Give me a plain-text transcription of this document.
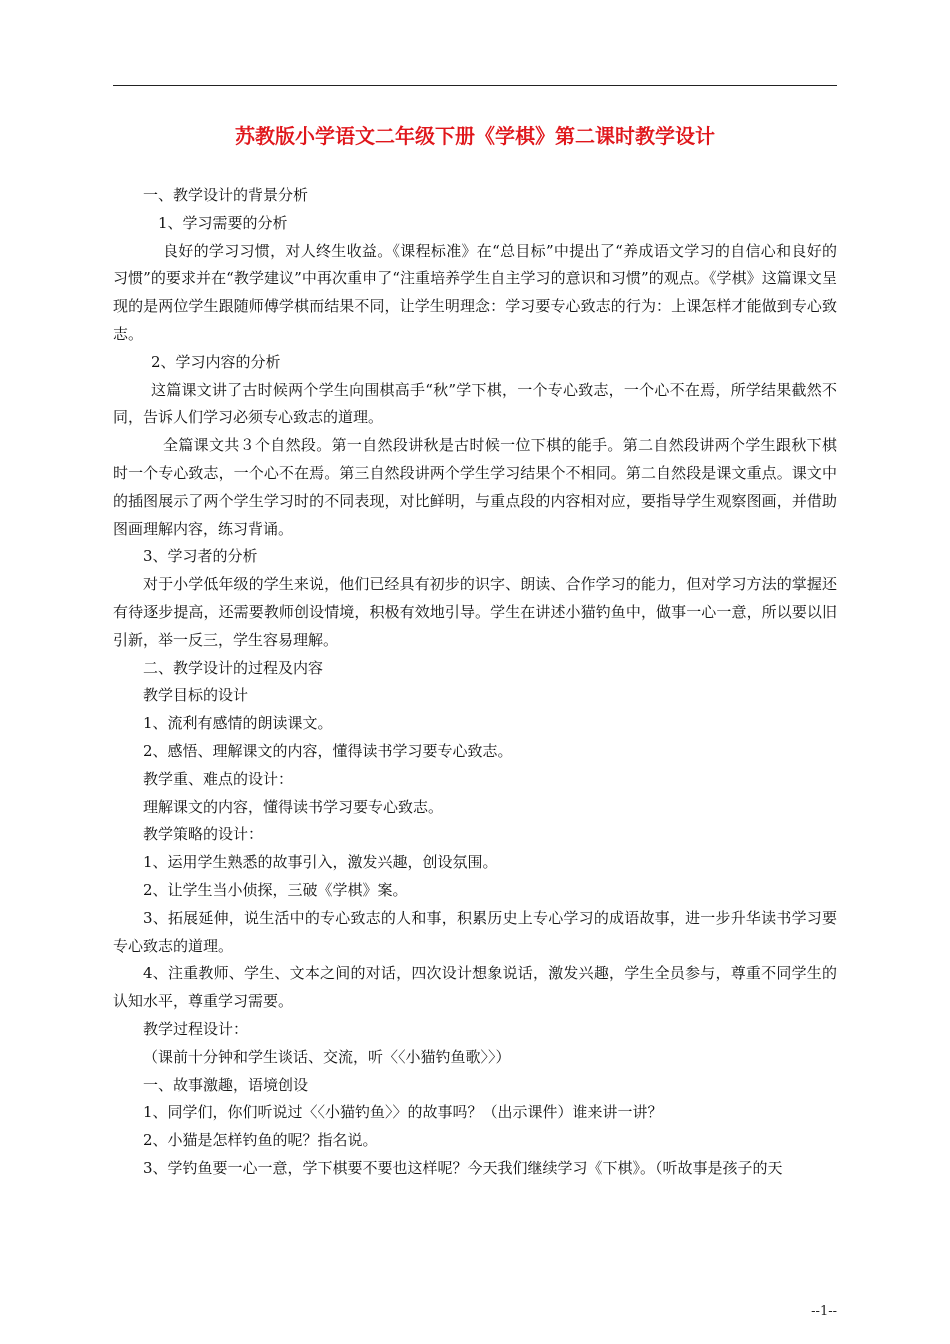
苏教版小学语文二年级下册《学棋》第二课时教学设计

一、教学设计的背景分析

1、学习需要的分析

良好的学习习惯，对人终生收益。《课程标准》在“总目标”中提出了“养成语文学习的自信心和良好的习惯”的要求并在“教学建议”中再次重申了“注重培养学生自主学习的意识和习惯”的观点。《学棋》这篇课文呈现的是两位学生跟随师傅学棋而结果不同，让学生明理念：学习要专心致志的行为：上课怎样才能做到专心致志。

2、学习内容的分析

这篇课文讲了古时候两个学生向围棋高手“秋”学下棋，一个专心致志，一个心不在焉，所学结果截然不同，告诉人们学习必须专心致志的道理。

全篇课文共３个自然段。第一自然段讲秋是古时候一位下棋的能手。第二自然段讲两个学生跟秋下棋时一个专心致志，一个心不在焉。第三自然段讲两个学生学习结果个不相同。第二自然段是课文重点。课文中的插图展示了两个学生学习时的不同表现，对比鲜明，与重点段的内容相对应，要指导学生观察图画，并借助图画理解内容，练习背诵。

3、学习者的分析

对于小学低年级的学生来说，他们已经具有初步的识字、朗读、合作学习的能力，但对学习方法的掌握还有待逐步提高，还需要教师创设情境，积极有效地引导。学生在讲述小猫钓鱼中，做事一心一意，所以要以旧引新，举一反三，学生容易理解。

二、教学设计的过程及内容

教学目标的设计

1、流利有感情的朗读课文。

2、感悟、理解课文的内容，懂得读书学习要专心致志。

教学重、难点的设计：

理解课文的内容，懂得读书学习要专心致志。

教学策略的设计：

1、运用学生熟悉的故事引入，激发兴趣，创设氛围。

2、让学生当小侦探，三破《学棋》案。

3、拓展延伸，说生活中的专心致志的人和事，积累历史上专心学习的成语故事，进一步升华读书学习要专心致志的道理。

4、注重教师、学生、文本之间的对话，四次设计想象说话，激发兴趣，学生全员参与，尊重不同学生的认知水平，尊重学习需要。

教学过程设计：

（课前十分钟和学生谈话、交流，听〈〈小猫钓鱼歌〉〉）

一、故事激趣，语境创设

1、同学们，你们听说过〈〈小猫钓鱼〉〉的故事吗？（出示课件）谁来讲一讲？

2、小猫是怎样钓鱼的呢？指名说。

3、学钓鱼要一心一意，学下棋要不要也这样呢？今天我们继续学习《下棋》。（听故事是孩子的天

--1--
